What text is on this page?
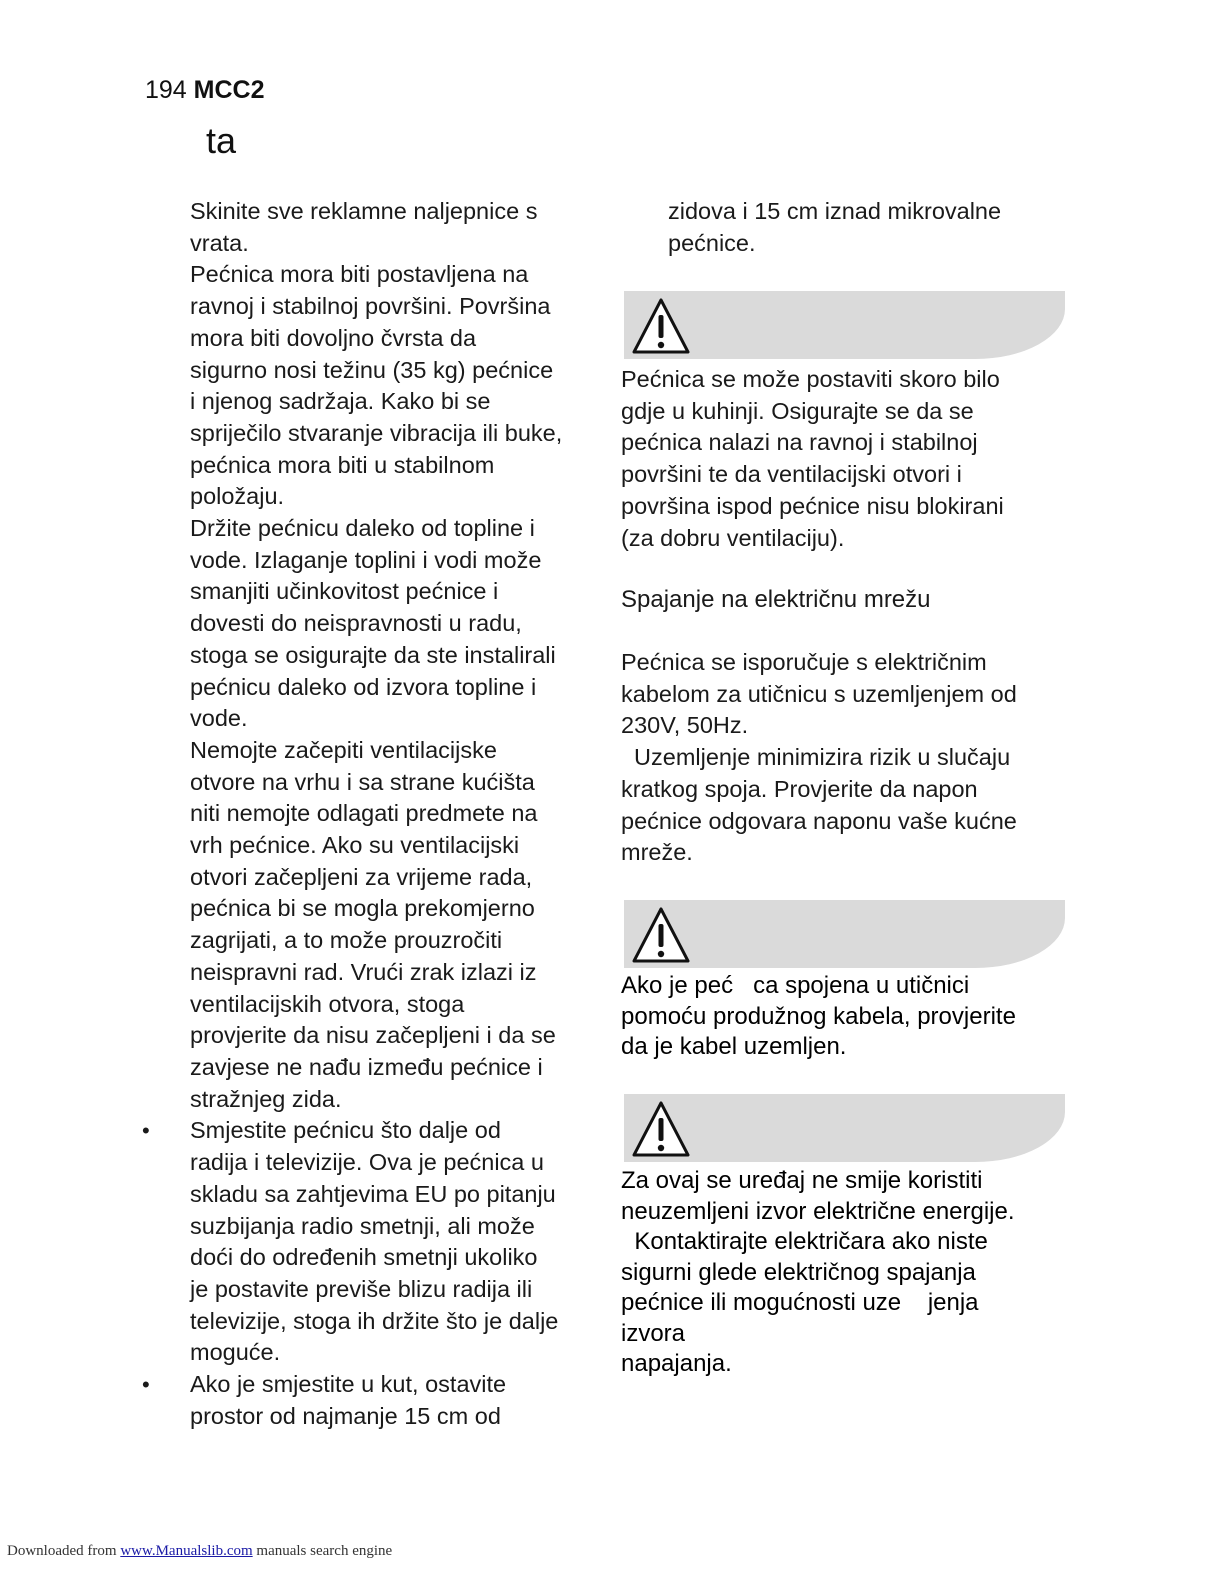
194 MCC2
ta
Skinite sve reklamne naljepnice s
vrata.
Pećnica mora biti postavljena na
ravnoj i stabilnoj površini. Površina
mora biti dovoljno čvrsta da
sigurno nosi težinu (35 kg) pećnice
i njenog sadržaja. Kako bi se
spriječilo stvaranje vibracija ili buke,
pećnica mora biti u stabilnom
položaju.
Držite pećnicu daleko od topline i
vode. Izlaganje toplini i vodi može
smanjiti učinkovitost pećnice i
dovesti do neispravnosti u radu,
stoga se osigurajte da ste instalirali
pećnicu daleko od izvora topline i
vode.
Nemojte začepiti ventilacijske
otvore na vrhu i sa strane kućišta
niti nemojte odlagati predmete na
vrh pećnice. Ako su ventilacijski
otvori začepljeni za vrijeme rada,
pećnica bi se mogla prekomjerno
zagrijati, a to može prouzročiti
neispravni rad. Vrući zrak izlazi iz
ventilacijskih otvora, stoga
provjerite da nisu začepljeni i da se
zavjese ne nađu između pećnice i
stražnjeg zida.
• Smjestite pećnicu što dalje od
radija i televizije. Ova je pećnica u
skladu sa zahtjevima EU po pitanju
suzbijanja radio smetnji, ali može
doći do određenih smetnji ukoliko
je postavite previše blizu radija ili
televizije, stoga ih držite što je dalje
moguće.
• Ako je smjestite u kut, ostavite
prostor od najmanje 15 cm od
zidova i 15 cm iznad mikrovalne
pećnice.
Pećnica se može postaviti skoro bilo
gdje u kuhinji. Osigurajte se da se
pećnica nalazi na ravnoj i stabilnoj
površini te da ventilacijski otvori i
površina ispod pećnice nisu blokirani
(za dobru ventilaciju).
Spajanje na električnu mrežu
Pećnica se isporučuje s električnim
kabelom za utičnicu s uzemljenjem od
230V, 50Hz.
Uzemljenje minimizira rizik u slučaju
kratkog spoja. Provjerite da napon
pećnice odgovara naponu vaše kućne
mreže.
Ako je peć   ca spojena u utičnici
pomoću produžnog kabela, provjerite
da je kabel uzemljen.
Za ovaj se uređaj ne smije koristiti
neuzemljeni izvor električne energije.
Kontaktirajte električara ako niste
sigurni glede električnog spajanja
pećnice ili mogućnosti uze    jenja
izvora
napajanja.
Downloaded from www.Manualslib.com manuals search engine
